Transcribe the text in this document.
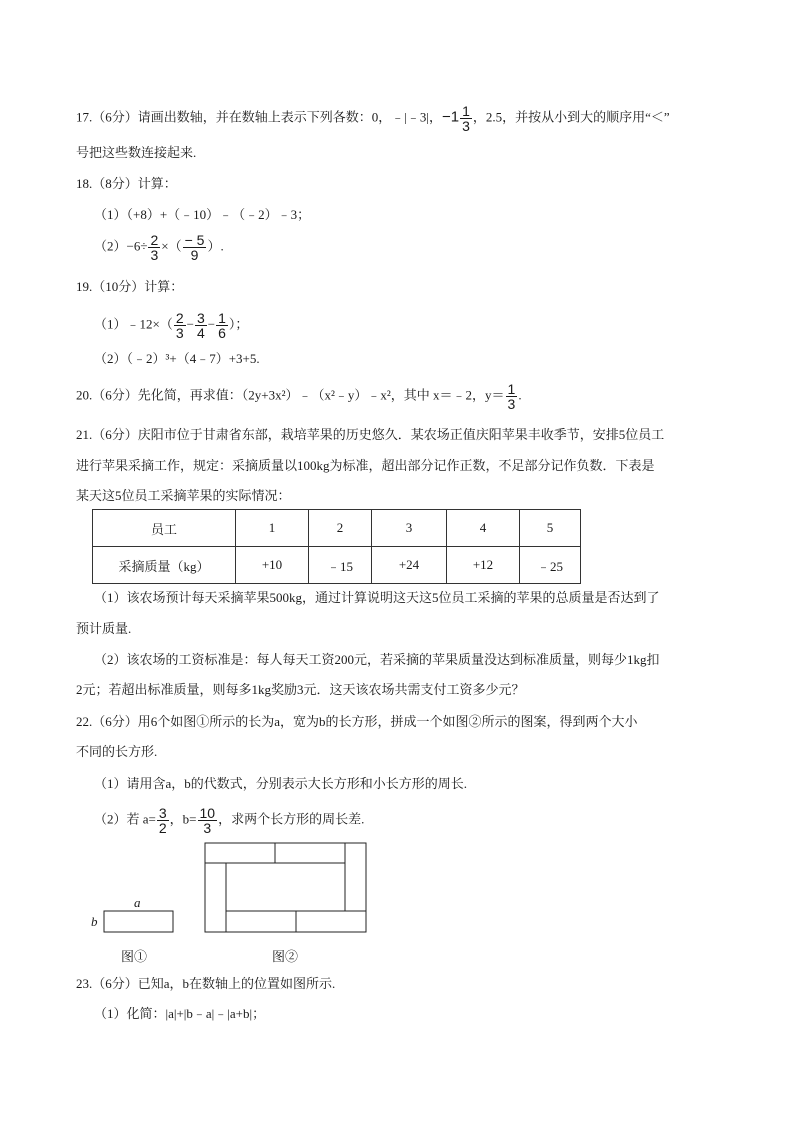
17.（6分）请画出数轴，并在数轴上表示下列各数：0，﹣|﹣3|，$-1 \frac{1}{3}$ ，2.5，并按从小到大的顺序用“＜”
号把这些数连接起来.
18.（8分）计算：
（1）（+8）+（﹣10）﹣（﹣2）﹣3；
$(2)-6\div \frac{2}{3}$ ×（ $\frac{- 5}{9}$ ）.
19.（10分）计算：
（1）﹣12×（ $\frac{2}{3} - \frac{3}{4} - \frac{1}{6}$ ）；
（2）（﹣2）³+（4﹣7）+3+5.
20.（6分）先化简，再求值：（2y+3x²）﹣（x²﹣y）﹣x²，其中 x＝﹣2，$y= \frac{1}{3}$ .
21.（6分）庆阳市位于甘肃省东部，栽培苹果的历史悠久．某农场正值庆阳苹果丰收季节，安排5位员工
进行苹果采摘工作，规定：采摘质量以100kg为标准，超出部分记作正数，不足部分记作负数．下表是
某天这5位员工采摘苹果的实际情况：
员工	1	2	3	4	5
采摘质量（kg）	+10	﹣15	+24	+12	﹣25
（1）该农场预计每天采摘苹果500kg，通过计算说明这天这5位员工采摘的苹果的总质量是否达到了
预计质量.
（2）该农场的工资标准是：每人每天工资200元，若采摘的苹果质量没达到标准质量，则每少1kg扣
2元；若超出标准质量，则每多1kg奖励3元．这天该农场共需支付工资多少元？
22.（6分）用6个如图①所示的长为a，宽为b的长方形，拼成一个如图②所示的图案，得到两个大小
不同的长方形.
（1）请用含a，b的代数式，分别表示大长方形和小长方形的周长.
（2）若 $a= \frac{3}{2}$ ，$b= \frac{10}{3}$ ，求两个长方形的周长差.
a
b
图①	图②
23.（6分）已知a，b在数轴上的位置如图所示.
（1）化简：|a|+|b﹣a|﹣|a+b|；
